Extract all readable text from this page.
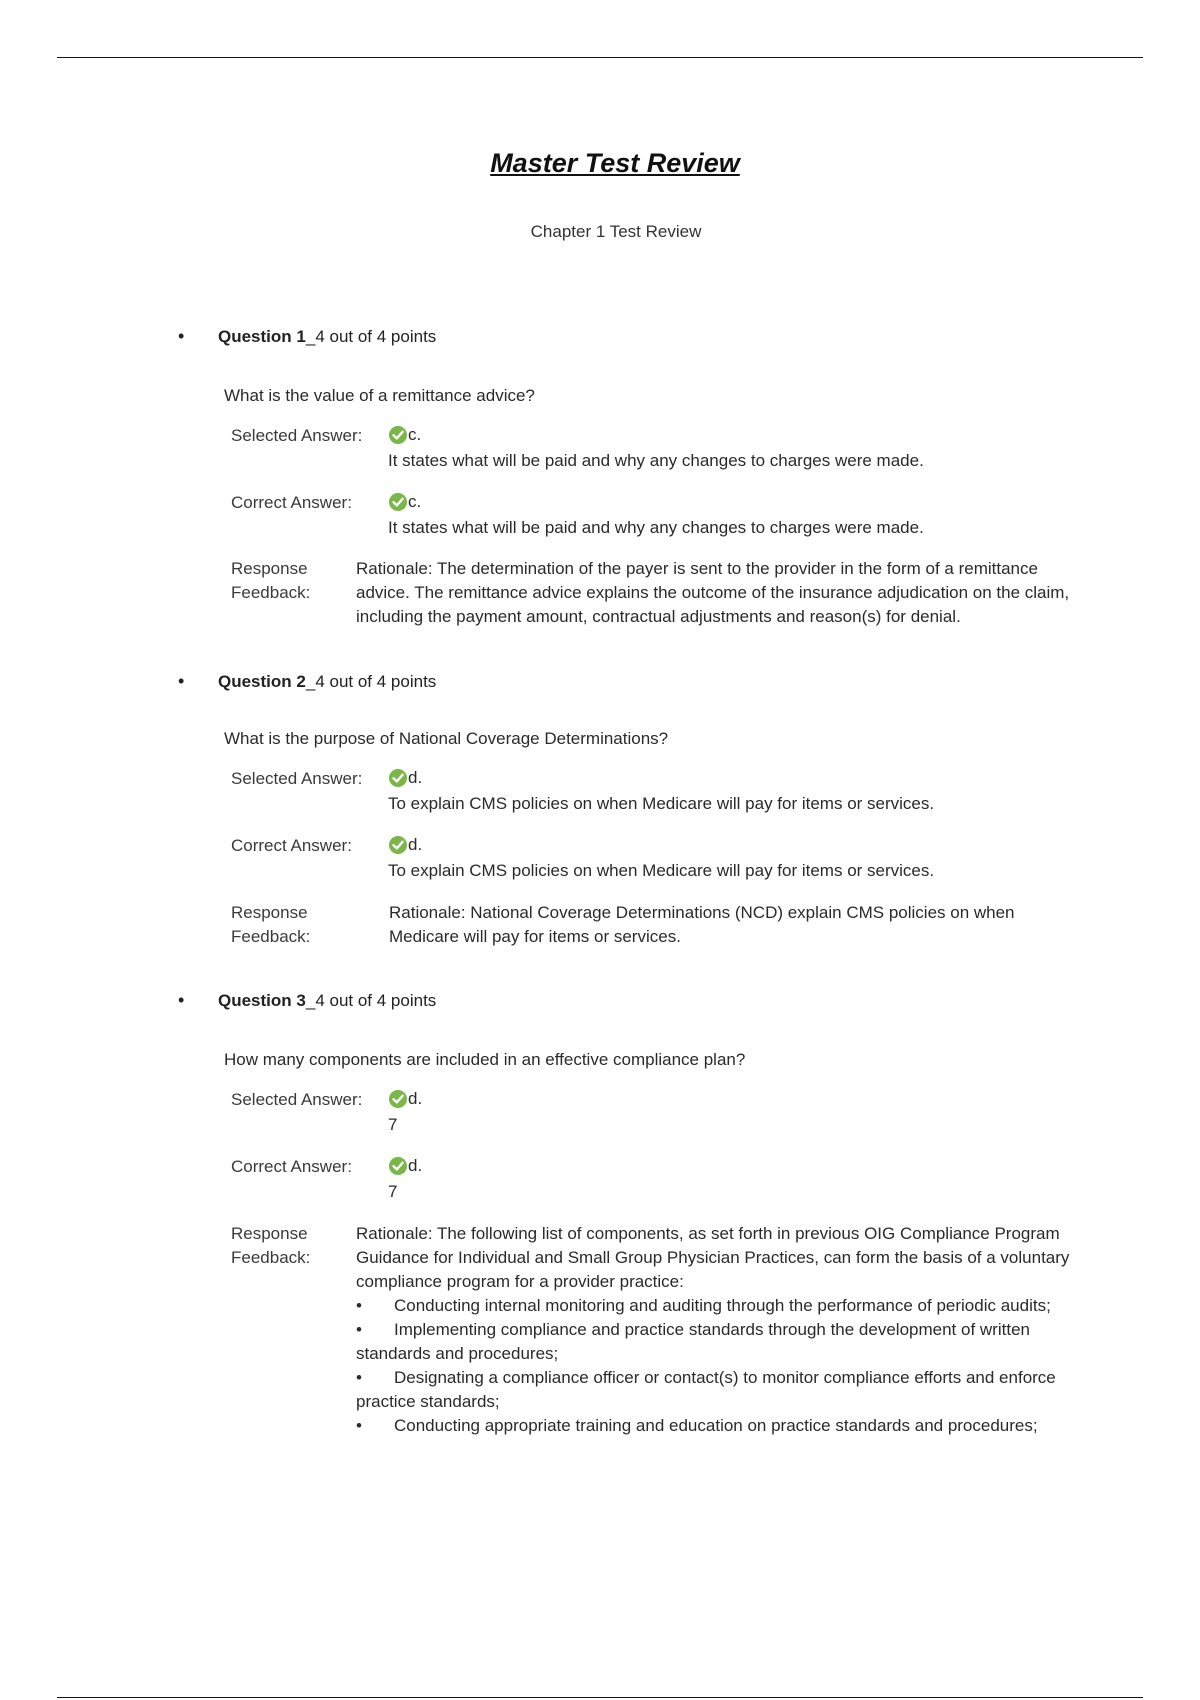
Master Test Review
Chapter 1 Test Review
• Question 1_4 out of 4 points
What is the value of a remittance advice?
Selected Answer:	c.
It states what will be paid and why any changes to charges were made.
Correct Answer:	c.
It states what will be paid and why any changes to charges were made.
Response
Feedback:
Rationale: The determination of the payer is sent to the provider in the form of a remittance
advice. The remittance advice explains the outcome of the insurance adjudication on the claim,
including the payment amount, contractual adjustments and reason(s) for denial.
• Question 2_4 out of 4 points
What is the purpose of National Coverage Determinations?
Selected Answer:	d.
To explain CMS policies on when Medicare will pay for items or services.
Correct Answer:	d.
To explain CMS policies on when Medicare will pay for items or services.
Response
Feedback:
Rationale: National Coverage Determinations (NCD) explain CMS policies on when
Medicare will pay for items or services.
• Question 3_4 out of 4 points
How many components are included in an effective compliance plan?
Selected Answer:	d.
7
Correct Answer:	d.
7
Response
Feedback:
Rationale: The following list of components, as set forth in previous OIG Compliance Program
Guidance for Individual and Small Group Physician Practices, can form the basis of a voluntary
compliance program for a provider practice:
• Conducting internal monitoring and auditing through the performance of periodic audits;
• Implementing compliance and practice standards through the development of written
standards and procedures;
• Designating a compliance officer or contact(s) to monitor compliance efforts and enforce
practice standards;
• Conducting appropriate training and education on practice standards and procedures;
